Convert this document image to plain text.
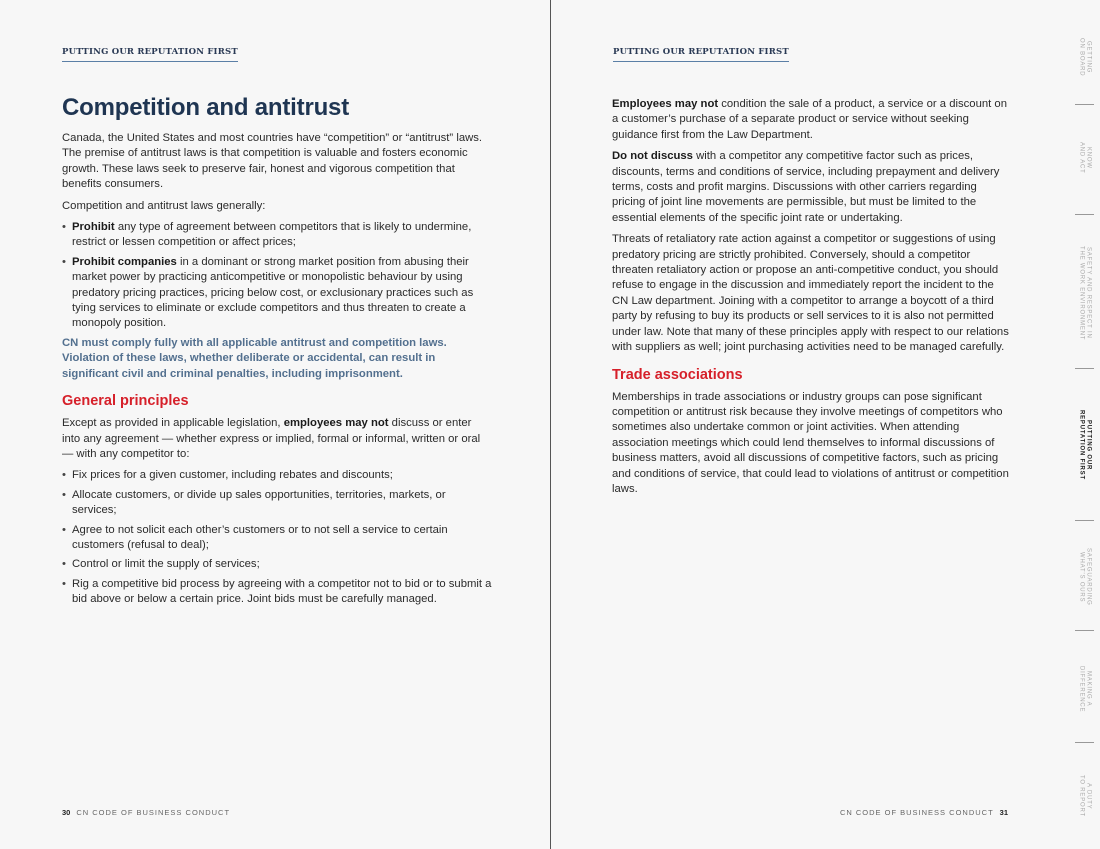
PUTTING OUR REPUTATION FIRST
Competition and antitrust

Canada, the United States and most countries have “competition” or “antitrust” laws. The premise of antitrust laws is that competition is valuable and fosters economic growth. These laws seek to preserve fair, honest and vigorous competition that benefits consumers.

Competition and antitrust laws generally:

• Prohibit any type of agreement between competitors that is likely to undermine, restrict or lessen competition or affect prices;
• Prohibit companies in a dominant or strong market position from abusing their market power by practicing anticompetitive or monopolistic behaviour by using predatory pricing practices, pricing below cost, or exclusionary practices such as tying services to eliminate or exclude competitors and thus threaten to create a monopoly position.

CN must comply fully with all applicable antitrust and competition laws. Violation of these laws, whether deliberate or accidental, can result in significant civil and criminal penalties, including imprisonment.

General principles

Except as provided in applicable legislation, employees may not discuss or enter into any agreement — whether express or implied, formal or informal, written or oral — with any competitor to:

• Fix prices for a given customer, including rebates and discounts;
• Allocate customers, or divide up sales opportunities, territories, markets, or services;
• Agree to not solicit each other’s customers or to not sell a service to certain customers (refusal to deal);
• Control or limit the supply of services;
• Rig a competitive bid process by agreeing with a competitor not to bid or to submit a bid above or below a certain price. Joint bids must be carefully managed.
30 CN CODE OF BUSINESS CONDUCT
PUTTING OUR REPUTATION FIRST

Employees may not condition the sale of a product, a service or a discount on a customer’s purchase of a separate product or service without seeking guidance first from the Law Department.

Do not discuss with a competitor any competitive factor such as prices, discounts, terms and conditions of service, including prepayment and delivery terms, costs and profit margins. Discussions with other carriers regarding pricing of joint line movements are permissible, but must be limited to the essential elements of the specific joint rate or undertaking.

Threats of retaliatory rate action against a competitor or suggestions of using predatory pricing are strictly prohibited. Conversely, should a competitor threaten retaliatory action or propose an anti-competitive conduct, you should refuse to engage in the discussion and immediately report the incident to the CN Law department. Joining with a competitor to arrange a boycott of a third party by refusing to buy its products or sell services to it is also not permitted under law. Note that many of these principles apply with respect to our relations with suppliers as well; joint purchasing activities need to be managed carefully.

Trade associations

Memberships in trade associations or industry groups can pose significant competition or antitrust risk because they involve meetings of competitors who sometimes also undertake common or joint activities. When attending association meetings which could lend themselves to informal discussions of business matters, avoid all discussions of competitive factors, such as pricing and conditions of service, that could lead to violations of antitrust or competition laws.

CN CODE OF BUSINESS CONDUCT 31
GETTING
ON BOARD
KNOW
AND ACT
SAFETY AND RESPECT IN
THE WORK ENVIRONMENT
PUTTING OUR
REPUTATION FIRST
SAFEGUARDING
WHAT’S OURS
MAKING A
DIFFERENCE
A DUTY
TO REPORT
